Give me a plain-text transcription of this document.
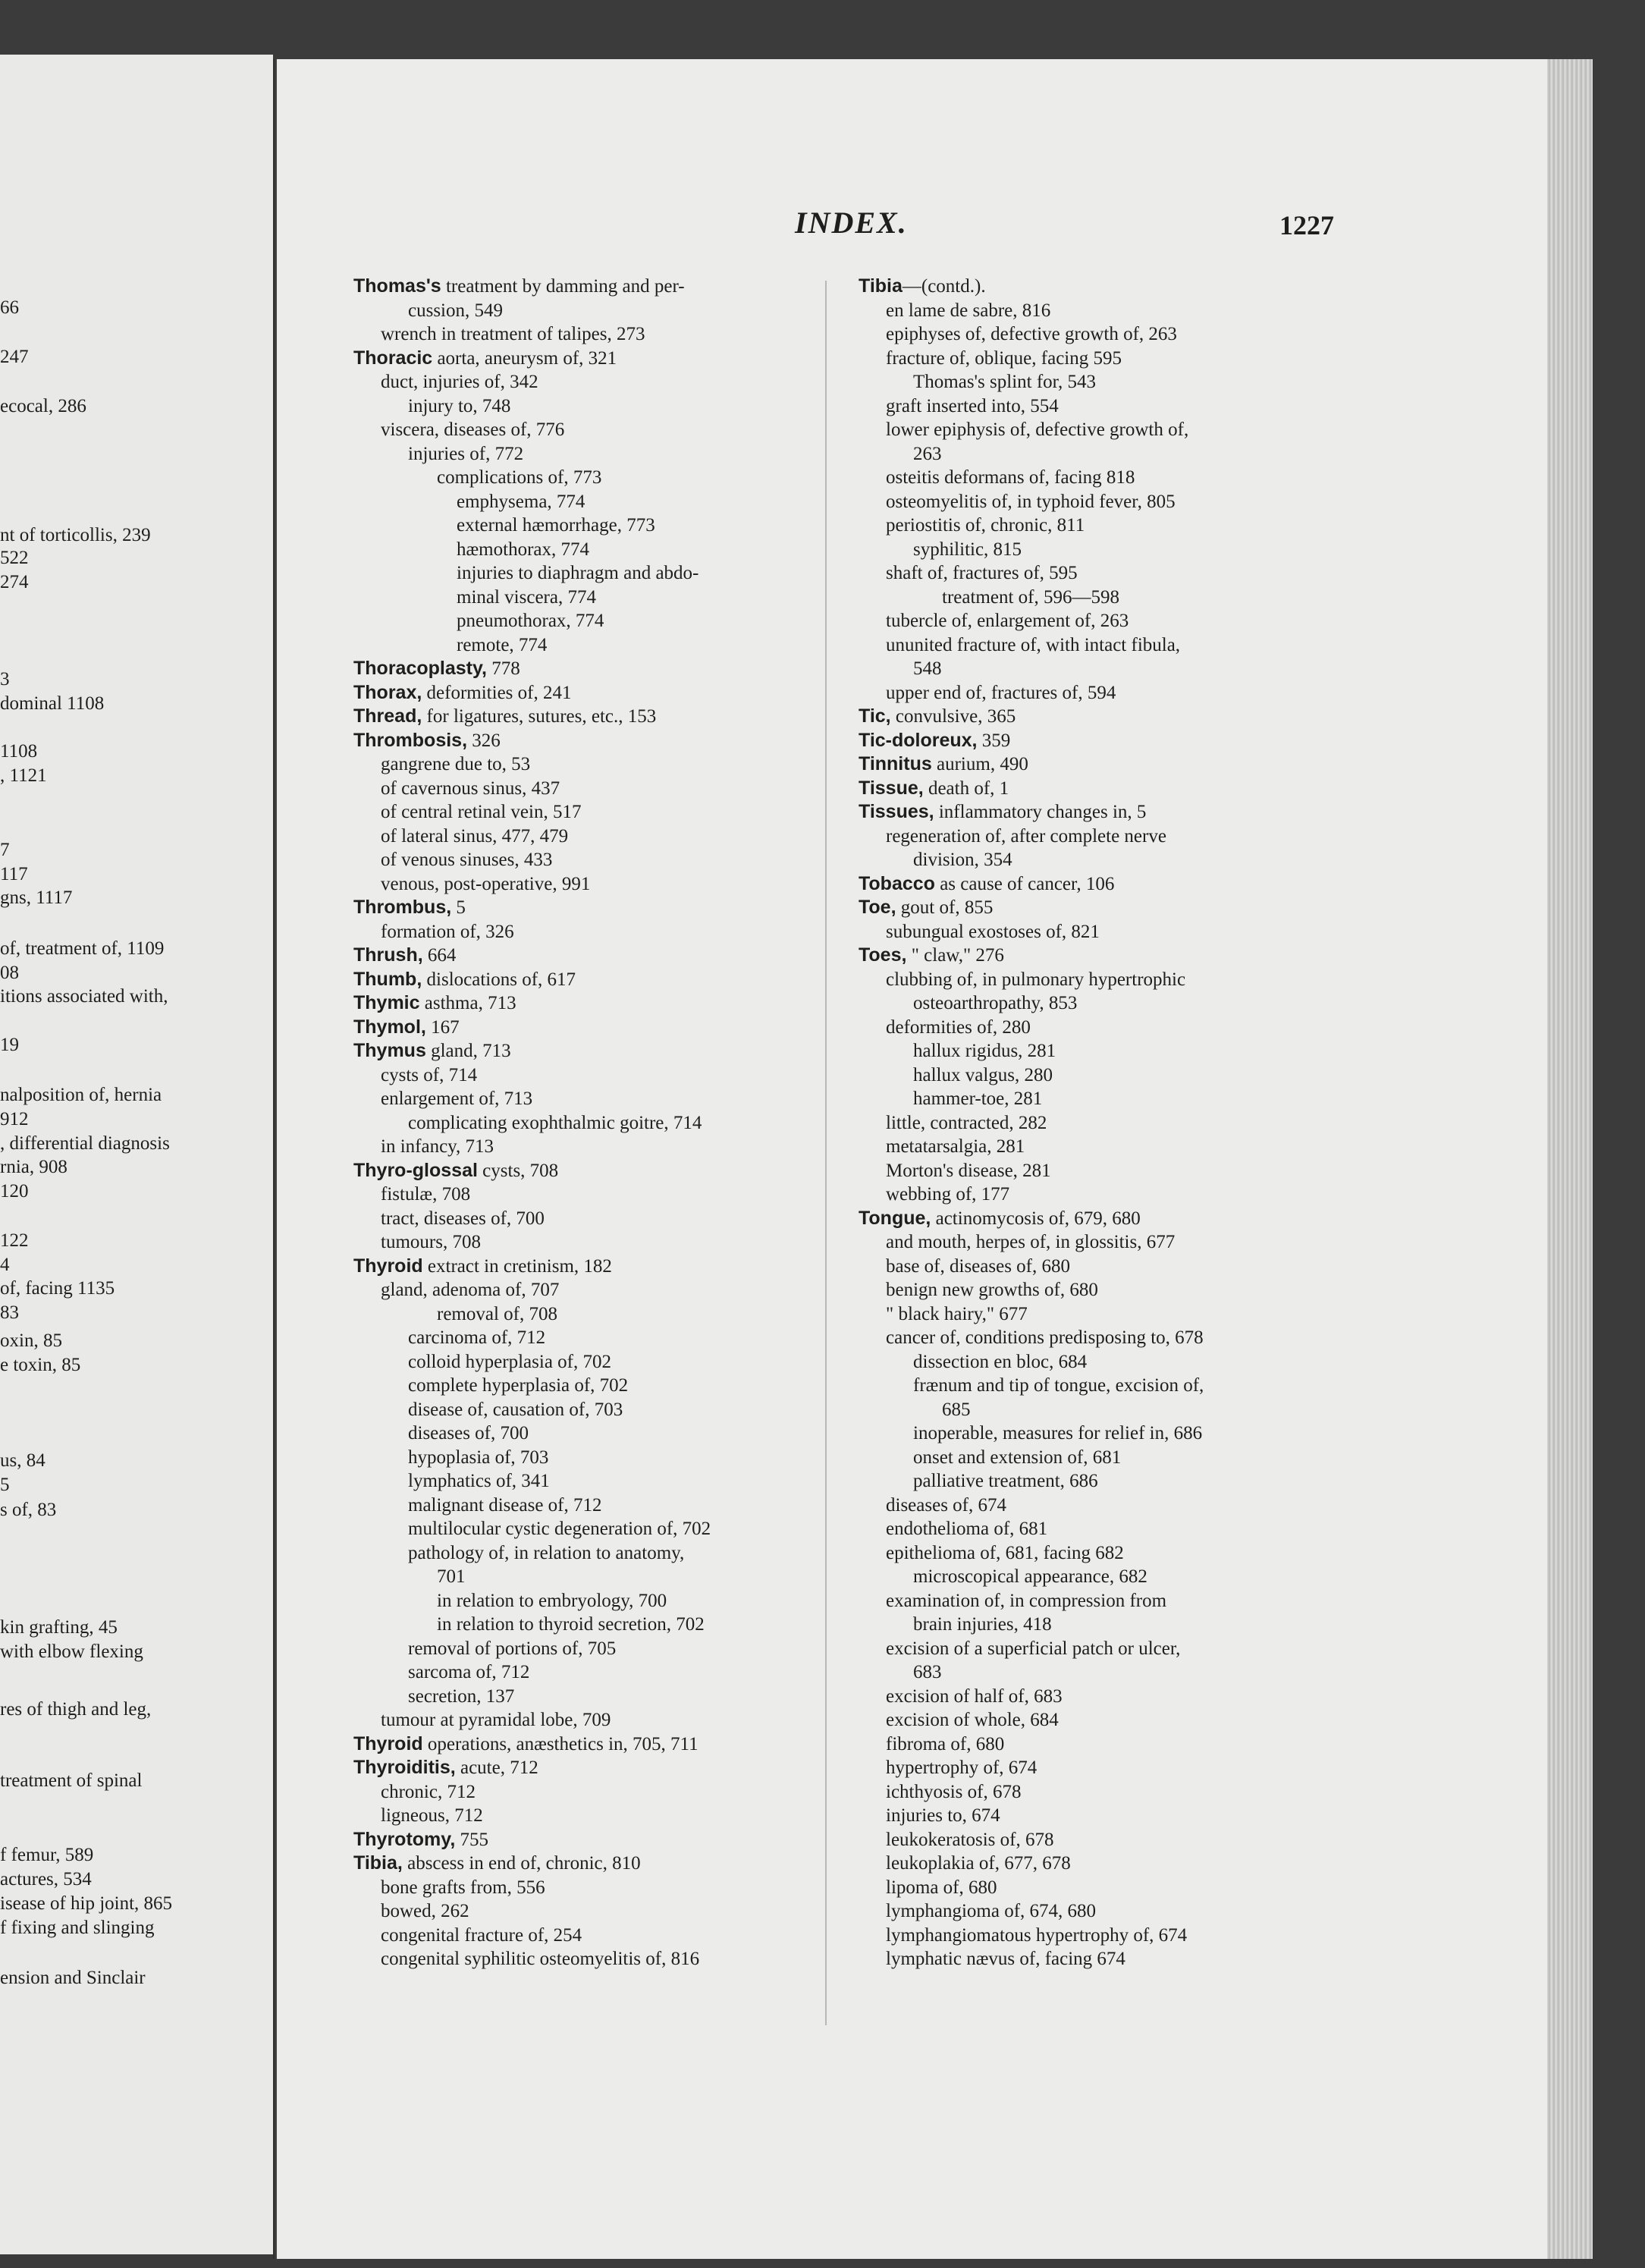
66
247
ecocal, 286
nt of torticollis, 239
522
274
3
dominal 1108
1108
, 1121
7
117
gns, 1117
of, treatment of, 1109
08
itions associated with,
19
nalposition of, hernia
912
, differential diagnosis
rnia, 908
120
122
4
of, facing 1135
83
oxin, 85
e toxin, 85
us, 84
5
s of, 83
kin grafting, 45
with elbow flexing
res of thigh and leg,
treatment of spinal
f femur, 589
actures, 534
isease of hip joint, 865
f fixing and slinging
ension and Sinclair
INDEX.	1227
Thomas's treatment by damming and per-
cussion, 549
wrench in treatment of talipes, 273
Thoracic aorta, aneurysm of, 321
duct, injuries of, 342
injury to, 748
viscera, diseases of, 776
injuries of, 772
complications of, 773
emphysema, 774
external hæmorrhage, 773
hæmothorax, 774
injuries to diaphragm and abdo-
minal viscera, 774
pneumothorax, 774
remote, 774
Thoracoplasty, 778
Thorax, deformities of, 241
Thread, for ligatures, sutures, etc., 153
Thrombosis, 326
gangrene due to, 53
of cavernous sinus, 437
of central retinal vein, 517
of lateral sinus, 477, 479
of venous sinuses, 433
venous, post-operative, 991
Thrombus, 5
formation of, 326
Thrush, 664
Thumb, dislocations of, 617
Thymic asthma, 713
Thymol, 167
Thymus gland, 713
cysts of, 714
enlargement of, 713
complicating exophthalmic goitre, 714
in infancy, 713
Thyro-glossal cysts, 708
fistulæ, 708
tract, diseases of, 700
tumours, 708
Thyroid extract in cretinism, 182
gland, adenoma of, 707
removal of, 708
carcinoma of, 712
colloid hyperplasia of, 702
complete hyperplasia of, 702
disease of, causation of, 703
diseases of, 700
hypoplasia of, 703
lymphatics of, 341
malignant disease of, 712
multilocular cystic degeneration of, 702
pathology of, in relation to anatomy,
701
in relation to embryology, 700
in relation to thyroid secretion, 702
removal of portions of, 705
sarcoma of, 712
secretion, 137
tumour at pyramidal lobe, 709
Thyroid operations, anæsthetics in, 705, 711
Thyroiditis, acute, 712
chronic, 712
ligneous, 712
Thyrotomy, 755
Tibia, abscess in end of, chronic, 810
bone grafts from, 556
bowed, 262
congenital fracture of, 254
congenital syphilitic osteomyelitis of, 816
Tibia—(contd.).
en lame de sabre, 816
epiphyses of, defective growth of, 263
fracture of, oblique, facing 595
Thomas's splint for, 543
graft inserted into, 554
lower epiphysis of, defective growth of,
263
osteitis deformans of, facing 818
osteomyelitis of, in typhoid fever, 805
periostitis of, chronic, 811
syphilitic, 815
shaft of, fractures of, 595
treatment of, 596—598
tubercle of, enlargement of, 263
ununited fracture of, with intact fibula,
548
upper end of, fractures of, 594
Tic, convulsive, 365
Tic-doloreux, 359
Tinnitus aurium, 490
Tissue, death of, 1
Tissues, inflammatory changes in, 5
regeneration of, after complete nerve
division, 354
Tobacco as cause of cancer, 106
Toe, gout of, 855
subungual exostoses of, 821
Toes, " claw," 276
clubbing of, in pulmonary hypertrophic
osteoarthropathy, 853
deformities of, 280
hallux rigidus, 281
hallux valgus, 280
hammer-toe, 281
little, contracted, 282
metatarsalgia, 281
Morton's disease, 281
webbing of, 177
Tongue, actinomycosis of, 679, 680
and mouth, herpes of, in glossitis, 677
base of, diseases of, 680
benign new growths of, 680
" black hairy," 677
cancer of, conditions predisposing to, 678
dissection en bloc, 684
frænum and tip of tongue, excision of,
685
inoperable, measures for relief in, 686
onset and extension of, 681
palliative treatment, 686
diseases of, 674
endothelioma of, 681
epithelioma of, 681, facing 682
microscopical appearance, 682
examination of, in compression from
brain injuries, 418
excision of a superficial patch or ulcer,
683
excision of half of, 683
excision of whole, 684
fibroma of, 680
hypertrophy of, 674
ichthyosis of, 678
injuries to, 674
leukokeratosis of, 678
leukoplakia of, 677, 678
lipoma of, 680
lymphangioma of, 674, 680
lymphangiomatous hypertrophy of, 674
lymphatic nævus of, facing 674
